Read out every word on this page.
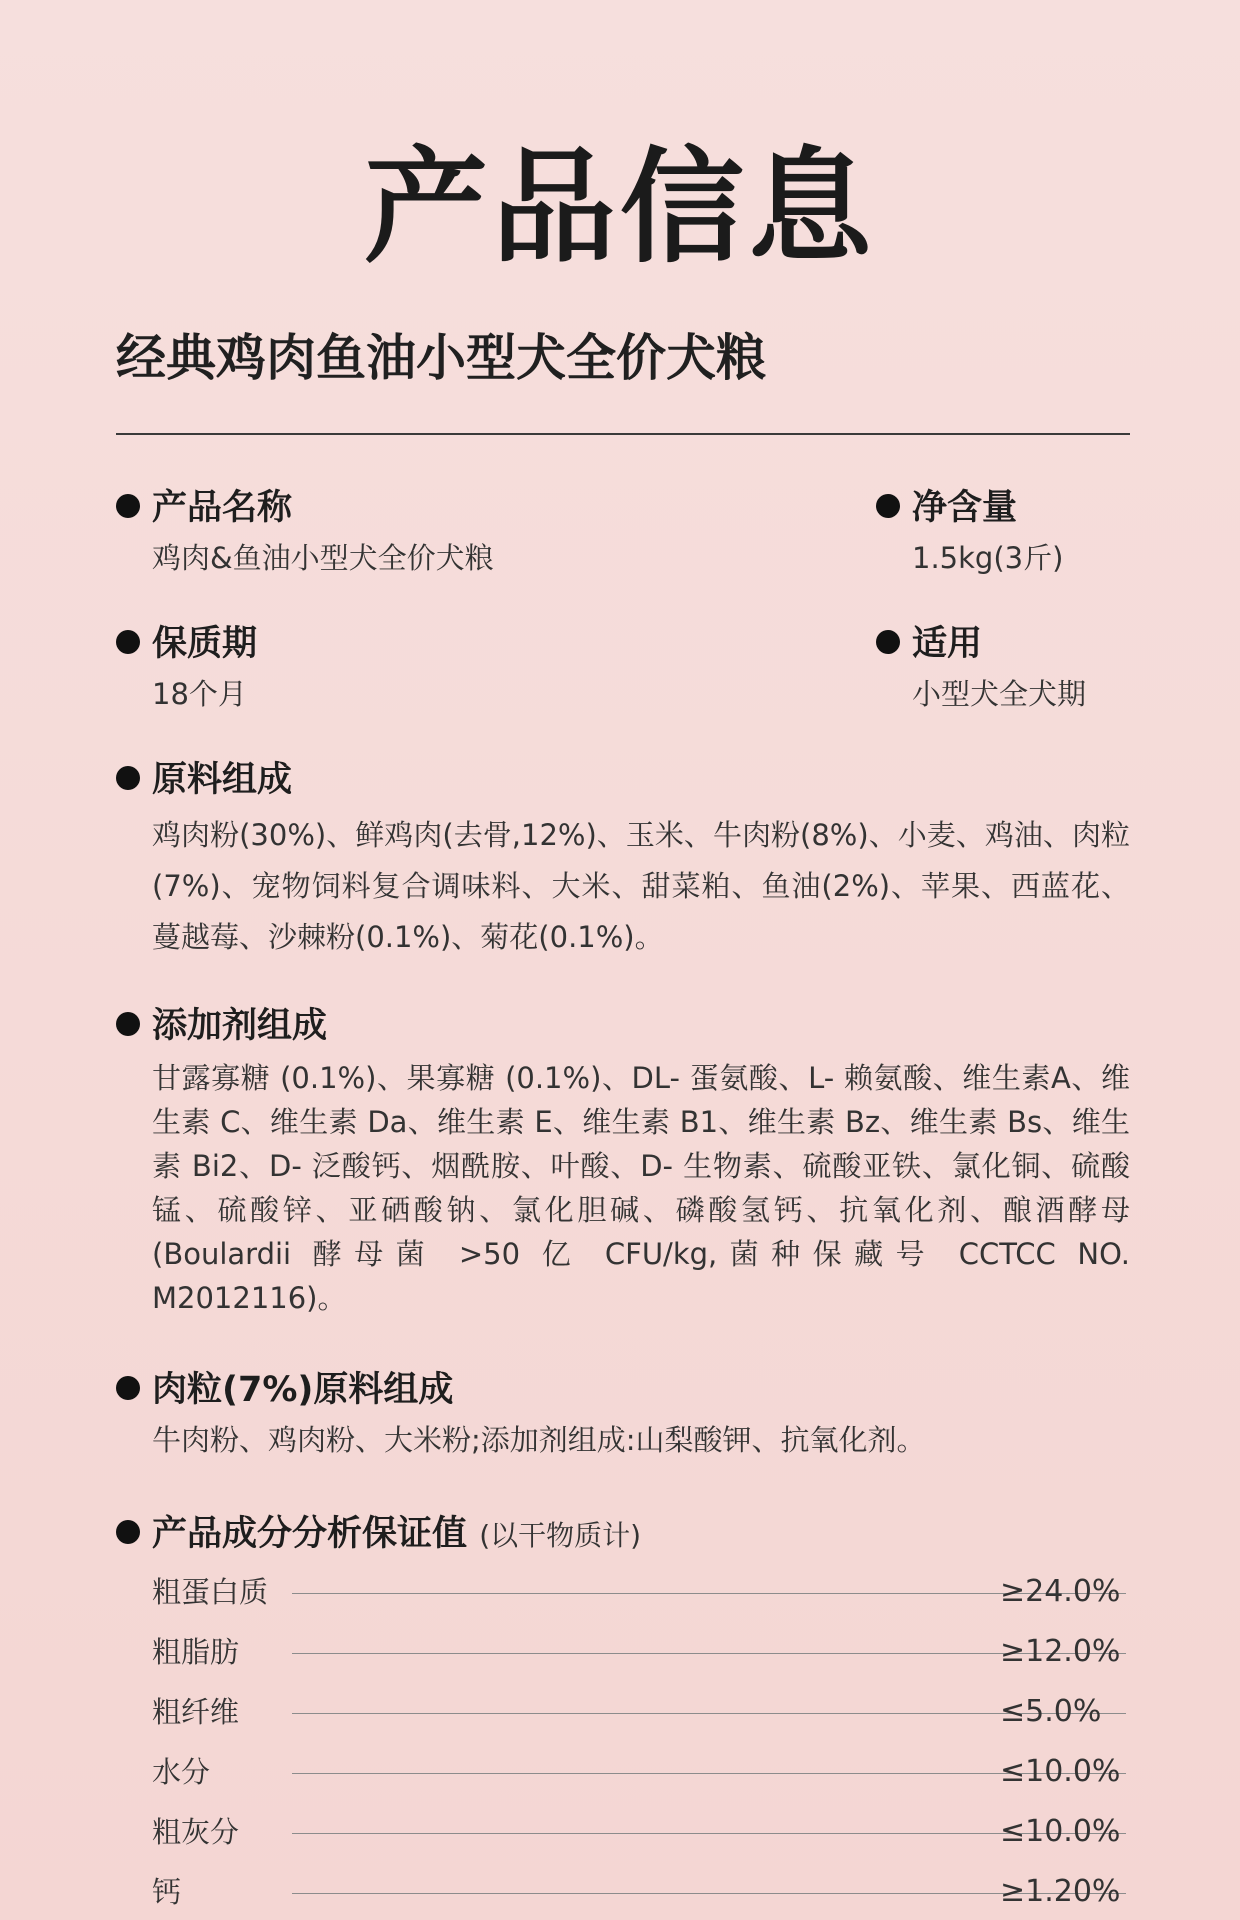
产品信息
经典鸡肉鱼油小型犬全价犬粮
产品名称
鸡肉&鱼油小型犬全价犬粮
净含量
1.5kg(3斤)
保质期
18个月
适用
小型犬全犬期
原料组成
鸡肉粉(30%)、鲜鸡肉(去骨,12%)、玉米、牛肉粉(8%)、小麦、鸡油、肉粒(7%)、宠物饲料复合调味料、大米、甜菜粕、鱼油(2%)、苹果、西蓝花、蔓越莓、沙棘粉(0.1%)、菊花(0.1%)。
添加剂组成
甘露寡糖 (0.1%)、果寡糖 (0.1%)、DL- 蛋氨酸、L- 赖氨酸、维生素A、维生素 C、维生素 Da、维生素 E、维生素 B1、维生素 Bz、维生素 Bs、维生素 Bi2、D- 泛酸钙、烟酰胺、叶酸、D- 生物素、硫酸亚铁、氯化铜、硫酸锰、硫酸锌、亚硒酸钠、氯化胆碱、磷酸氢钙、抗氧化剂、酿酒酵母 (Boulardii 酵母菌 >50 亿 CFU/kg,菌种保藏号 CCTCC NO. M2012116)。
肉粒(7%)原料组成
牛肉粉、鸡肉粉、大米粉;添加剂组成:山梨酸钾、抗氧化剂。
产品成分分析保证值 (以干物质计)
粗蛋白质	≥24.0%
粗脂肪	≥12.0%
粗纤维	≤5.0%
水分	≤10.0%
粗灰分	≤10.0%
钙	≥1.20%
